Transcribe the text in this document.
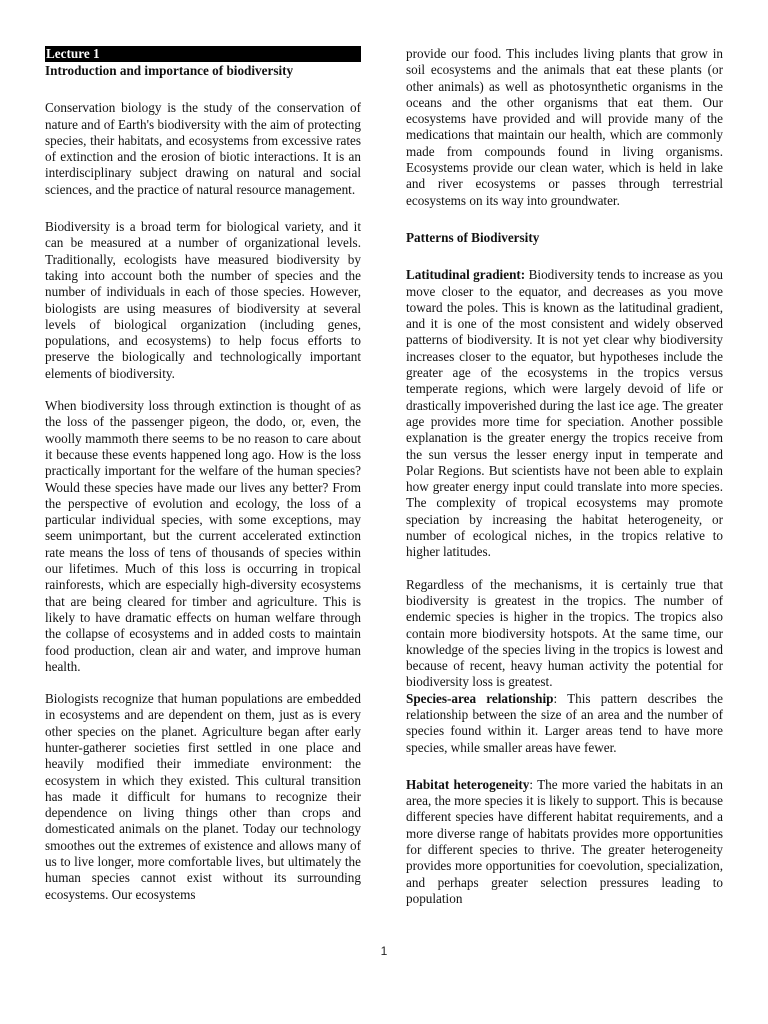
Lecture 1
Introduction and importance of biodiversity

Conservation biology is the study of the conservation of nature and of Earth's biodiversity with the aim of protecting species, their habitats, and ecosystems from excessive rates of extinction and the erosion of biotic interactions. It is an interdisciplinary subject drawing on natural and social sciences, and the practice of natural resource management.

Biodiversity is a broad term for biological variety, and it can be measured at a number of organizational levels. Traditionally, ecologists have measured biodiversity by taking into account both the number of species and the number of individuals in each of those species. However, biologists are using measures of biodiversity at several levels of biological organization (including genes, populations, and ecosystems) to help focus efforts to preserve the biologically and technologically important elements of biodiversity.

When biodiversity loss through extinction is thought of as the loss of the passenger pigeon, the dodo, or, even, the woolly mammoth there seems to be no reason to care about it because these events happened long ago. How is the loss practically important for the welfare of the human species? Would these species have made our lives any better? From the perspective of evolution and ecology, the loss of a particular individual species, with some exceptions, may seem unimportant, but the current accelerated extinction rate means the loss of tens of thousands of species within our lifetimes. Much of this loss is occurring in tropical rainforests, which are especially high-diversity ecosystems that are being cleared for timber and agriculture. This is likely to have dramatic effects on human welfare through the collapse of ecosystems and in added costs to maintain food production, clean air and water, and improve human health.

Biologists recognize that human populations are embedded in ecosystems and are dependent on them, just as is every other species on the planet. Agriculture began after early hunter-gatherer societies first settled in one place and heavily modified their immediate environment: the ecosystem in which they existed. This cultural transition has made it difficult for humans to recognize their dependence on living things other than crops and domesticated animals on the planet. Today our technology smoothes out the extremes of existence and allows many of us to live longer, more comfortable lives, but ultimately the human species cannot exist without its surrounding ecosystems. Our ecosystems

provide our food. This includes living plants that grow in soil ecosystems and the animals that eat these plants (or other animals) as well as photosynthetic organisms in the oceans and the other organisms that eat them. Our ecosystems have provided and will provide many of the medications that maintain our health, which are commonly made from compounds found in living organisms. Ecosystems provide our clean water, which is held in lake and river ecosystems or passes through terrestrial ecosystems on its way into groundwater.

Patterns of Biodiversity

Latitudinal gradient: Biodiversity tends to increase as you move closer to the equator, and decreases as you move toward the poles. This is known as the latitudinal gradient, and it is one of the most consistent and widely observed patterns of biodiversity. It is not yet clear why biodiversity increases closer to the equator, but hypotheses include the greater age of the ecosystems in the tropics versus temperate regions, which were largely devoid of life or drastically impoverished during the last ice age. The greater age provides more time for speciation. Another possible explanation is the greater energy the tropics receive from the sun versus the lesser energy input in temperate and Polar Regions. But scientists have not been able to explain how greater energy input could translate into more species. The complexity of tropical ecosystems may promote speciation by increasing the habitat heterogeneity, or number of ecological niches, in the tropics relative to higher latitudes.

Regardless of the mechanisms, it is certainly true that biodiversity is greatest in the tropics. The number of endemic species is higher in the tropics. The tropics also contain more biodiversity hotspots. At the same time, our knowledge of the species living in the tropics is lowest and because of recent, heavy human activity the potential for biodiversity loss is greatest.

Species-area relationship: This pattern describes the relationship between the size of an area and the number of species found within it. Larger areas tend to have more species, while smaller areas have fewer.

Habitat heterogeneity: The more varied the habitats in an area, the more species it is likely to support. This is because different species have different habitat requirements, and a more diverse range of habitats provides more opportunities for different species to thrive. The greater heterogeneity provides more opportunities for coevolution, specialization, and perhaps greater selection pressures leading to population

1
